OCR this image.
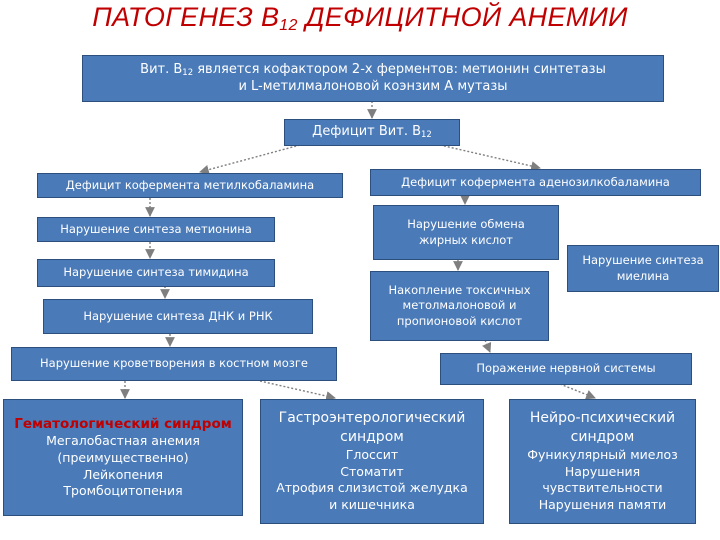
ПАТОГЕНЕЗ $В_{12}$ ДЕФИЦИТНОЙ АНЕМИИ
Вит. $В_{12}$ является кофактором 2-х ферментов: метионин синтетазы
и L-метилмалоновой коэнзим А мутазы
Дефицит Вит. $В_{12}$
Дефицит кофермента метилкобаламина
Нарушение синтеза метионина
Нарушение синтеза тимидина
Нарушение синтеза ДНК и РНК
Нарушение кроветворения в костном мозге
Дефицит кофермента аденозилкобаламина
Нарушение обмена
жирных кислот
Накопление токсичных
метолмалоновой и
пропионовой кислот
Нарушение синтеза
миелина
Поражение нервной системы
Гематологический синдром
Мегалобастная анемия
(преимущественно)
Лейкопения
Тромбоцитопения
Гастроэнтерологический
синдром
Глоссит
Стоматит
Атрофия слизистой желудка
и кишечника
Нейро-психический
синдром
Фуникулярный миелоз
Нарушения
чувствительности
Нарушения памяти
